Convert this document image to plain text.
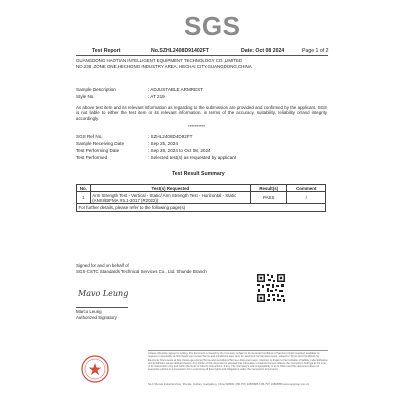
SGS
Test Report	No.SZHL2408D91402FT	Date: Oct 08 2024	Page 1 of 2
GUANGDONG HAOTIAN INTELLIGENT EQUIPMENT TECHNOLOGY CO.,LIMITED
NO.238 ,ZONE ONE,HECHONG INDUSTRY AREA, HECHAI CITY,GUANGDONG,CHINA
Sample Description	: ADJUSTABLE ARMREST
Style No.	: AT 219
As above test item and its relevant information as regarding to the submission are provided and confirmed by the applicant. SGS is not liable to either the test item or its relevant information, in terms of the accuracy, suitability, reliability or/and integrity accordingly.
**********
SGS Ref No.	: SZHL2408D4D92FT
Sample Receiving Date	: Sep 25, 2024
Test Performing Date	: Sep 25, 2024 to Oct 08, 2024
Test Performed	: Selected test(s) as requested by applicant
Test Result Summary
No.	Test(s) Requested	Result(s)	Comment
1	Arm Strength Test - Vertical - Static/ Arm Strength Test - Horizontal - Static (ANSI/BIFMA X5.1-2017 (R2022))	PASS	/
For further details, please refer to the following page(s)			
Signed for and on behalf of
SGS-CSTC Standards Technical Services Co., Ltd. Shunde Branch
Mavo Leung
Marco Leung
Authorized Signatory
Unless otherwise agreed in writing, this document is issued by the Company subject to its General Conditions of Service printed overleaf, available on request or accessible at http://www.sgs.com/en/Terms-and-Conditions.aspx and, for electronic format documents, subject to Terms and Conditions for Electronic Documents at http://www.sgs.com/en/Terms-and-Conditions/Terms-e-Document.aspx. Attention is drawn to the limitation of liability, indemnification and jurisdiction issues defined therein. Any holder of this document is advised that information contained hereon reflects the Company's findings at the time of its intervention only and within the limits of Client's instructions, if any. The Company's sole responsibility is to its Client and this document does not exonerate parties to a transaction from exercising all their rights and obligations under the transaction documents.
No.4 Shunde Industrial Zone, Shunde, Foshan, Guangdong, China 528300 t (86-757) 22805888 f (86-757) 22805858 www.sgsgroup.com.cn
